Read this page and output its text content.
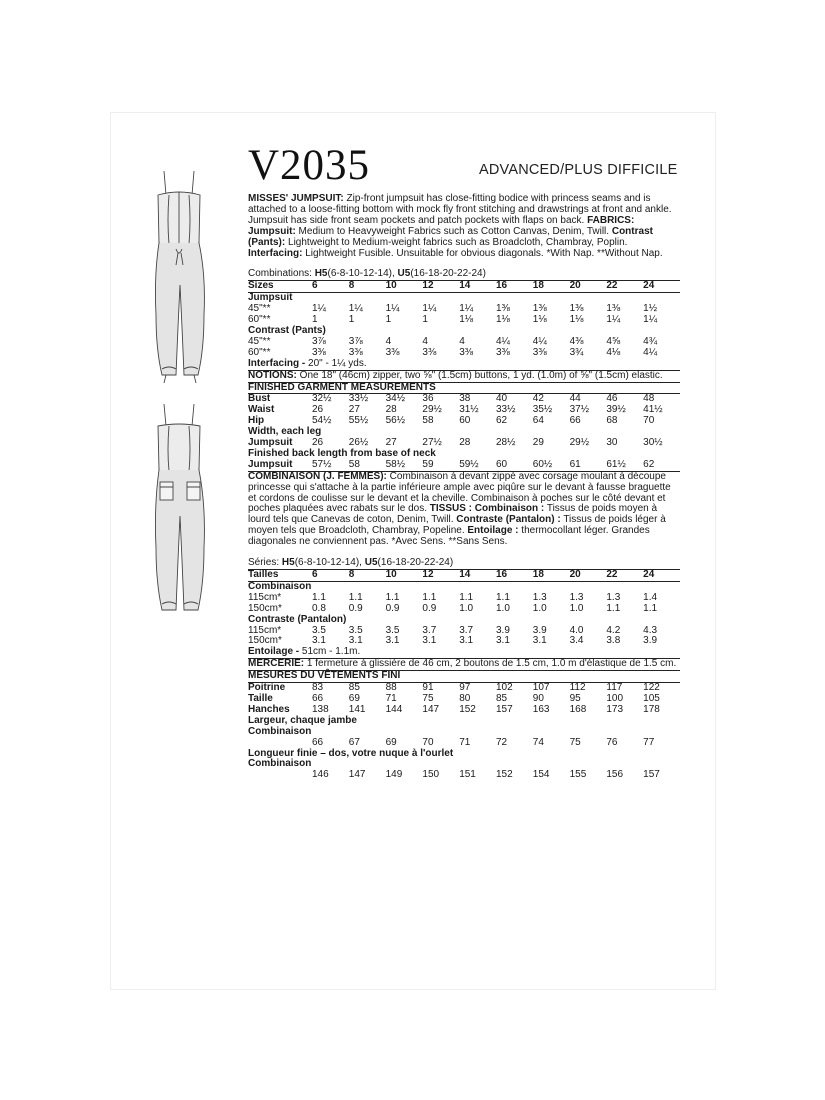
V2035	ADVANCED/PLUS DIFFICILE

MISSES' JUMPSUIT: Zip-front jumpsuit has close-fitting bodice with princess seams and is attached to a loose-fitting bottom with mock fly front stitching and drawstrings at front and ankle. Jumpsuit has side front seam pockets and patch pockets with flaps on back. FABRICS: Jumpsuit: Medium to Heavyweight Fabrics such as Cotton Canvas, Denim, Twill. Contrast (Pants): Lightweight to Medium-weight fabrics such as Broadcloth, Chambray, Poplin. Interfacing: Lightweight Fusible. Unsuitable for obvious diagonals. *With Nap. **Without Nap.

Combinations: H5(6-8-10-12-14), U5(16-18-20-22-24)

Sizes	6	8	10	12	14	16	18	20	22	24
Jumpsuit										
45"**	1¼	1¼	1¼	1¼	1¼	1⅜	1⅜	1⅜	1⅜	1½
60"**	1	1	1	1	1⅛	1⅛	1⅛	1⅛	1¼	1¼
Contrast (Pants)										
45"**	3⅞	3⅞	4	4	4	4¼	4¼	4⅜	4⅝	4¾
60"**	3⅜	3⅜	3⅜	3⅜	3⅜	3⅜	3⅜	3¾	4⅛	4¼
Interfacing - 20" - 1¼ yds.										

NOTIONS: One 18" (46cm) zipper, two ⅝" (1.5cm) buttons, 1 yd. (1.0m) of ⅝" (1.5cm) elastic.

FINISHED GARMENT MEASUREMENTS

Bust	32½	33½	34½	36	38	40	42	44	46	48
Waist	26	27	28	29½	31½	33½	35½	37½	39½	41½
Hip	54½	55½	56½	58	60	62	64	66	68	70
Width, each leg										
Jumpsuit	26	26½	27	27½	28	28½	29	29½	30	30½
Finished back length from base of neck										
Jumpsuit	57½	58	58½	59	59½	60	60½	61	61½	62

COMBINAISON (J. FEMMES): Combinaison à devant zippé avec corsage moulant à découpe princesse qui s'attache à la partie inférieure ample avec piqûre sur le devant à fausse braguette et cordons de coulisse sur le devant et la cheville. Combinaison à poches sur le côté devant et poches plaquées avec rabats sur le dos. TISSUS : Combinaison : Tissus de poids moyen à lourd tels que Canevas de coton, Denim, Twill. Contraste (Pantalon) : Tissus de poids léger à moyen tels que Broadcloth, Chambray, Popeline. Entoilage : thermocollant léger. Grandes diagonales ne conviennent pas. *Avec Sens. **Sans Sens.

Séries: H5(6-8-10-12-14), U5(16-18-20-22-24)

Tailles	6	8	10	12	14	16	18	20	22	24
Combinaison										
115cm*	1.1	1.1	1.1	1.1	1.1	1.1	1.3	1.3	1.3	1.4
150cm*	0.8	0.9	0.9	0.9	1.0	1.0	1.0	1.0	1.1	1.1
Contraste (Pantalon)										
115cm*	3.5	3.5	3.5	3.7	3.7	3.9	3.9	4.0	4.2	4.3
150cm*	3.1	3.1	3.1	3.1	3.1	3.1	3.1	3.4	3.8	3.9
Entoilage - 51cm - 1.1m.										

MERCERIE: 1 fermeture à glissière de 46 cm, 2 boutons de 1.5 cm, 1.0 m d'élastique de 1.5 cm.

MESURES DU VÊTEMENTS FINI

Poitrine	83	85	88	91	97	102	107	112	117	122
Taille	66	69	71	75	80	85	90	95	100	105
Hanches	138	141	144	147	152	157	163	168	173	178
Largeur, chaque jambe										
Combinaison										
	66	67	69	70	71	72	74	75	76	77
Longueur finie – dos, votre nuque à l'ourlet										
Combinaison										
	146	147	149	150	151	152	154	155	156	157
